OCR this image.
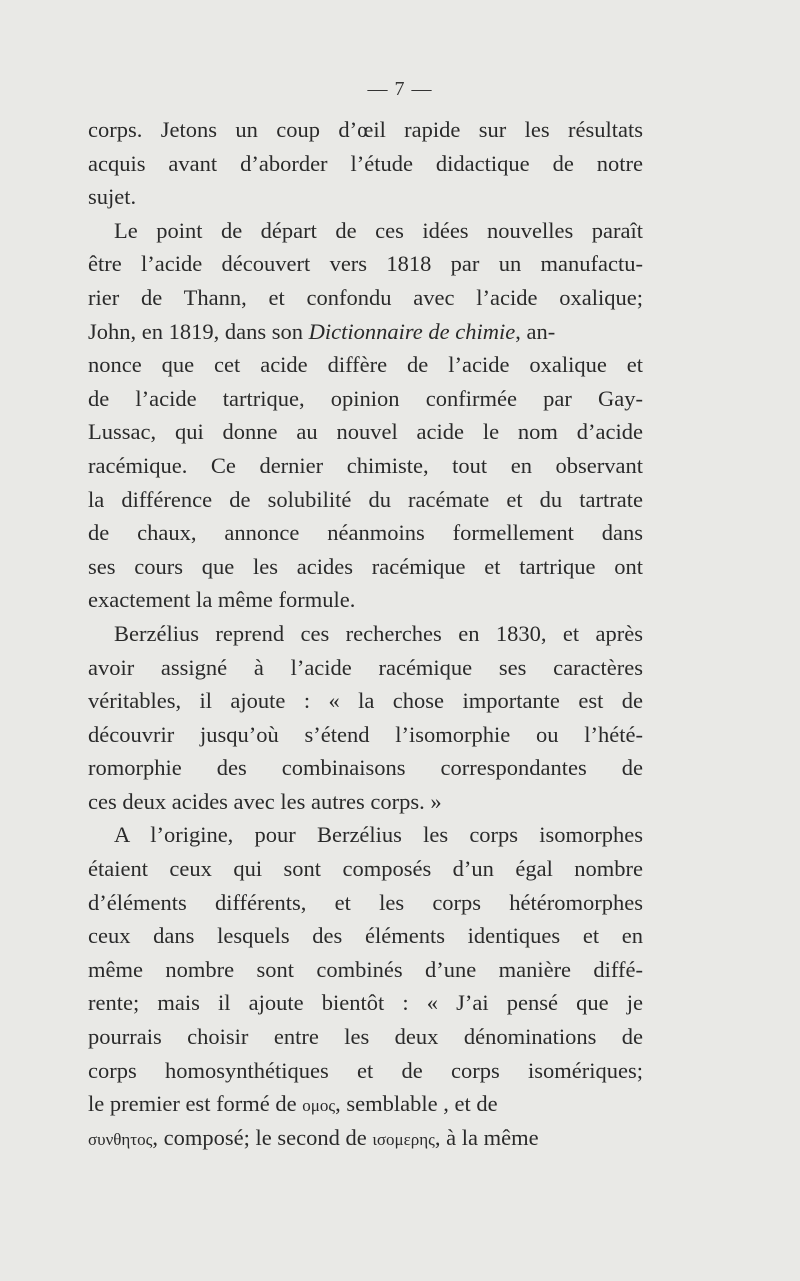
— 7 —
corps. Jetons un coup d’œil rapide sur les résultats
acquis avant d’aborder l’étude didactique de notre
sujet.
Le point de départ de ces idées nouvelles paraît
être l’acide découvert vers 1818 par un manufactu-
rier de Thann, et confondu avec l’acide oxalique;
John, en 1819, dans son Dictionnaire de chimie, an-
nonce que cet acide diffère de l’acide oxalique et
de l’acide tartrique, opinion confirmée par Gay-
Lussac, qui donne au nouvel acide le nom d’acide
racémique. Ce dernier chimiste, tout en observant
la différence de solubilité du racémate et du tartrate
de chaux, annonce néanmoins formellement dans
ses cours que les acides racémique et tartrique ont
exactement la même formule.
Berzélius reprend ces recherches en 1830, et après
avoir assigné à l’acide racémique ses caractères
véritables, il ajoute : « la chose importante est de
découvrir jusqu’où s’étend l’isomorphie ou l’hété-
romorphie des combinaisons correspondantes de
ces deux acides avec les autres corps. »
A l’origine, pour Berzélius les corps isomorphes
étaient ceux qui sont composés d’un égal nombre
d’éléments différents, et les corps hétéromorphes
ceux dans lesquels des éléments identiques et en
même nombre sont combinés d’une manière diffé-
rente; mais il ajoute bientôt : « J’ai pensé que je
pourrais choisir entre les deux dénominations de
corps homosynthétiques et de corps isomériques;
le premier est formé de ομος, semblable , et de
συνθητος, composé; le second de ισομερης, à la même
